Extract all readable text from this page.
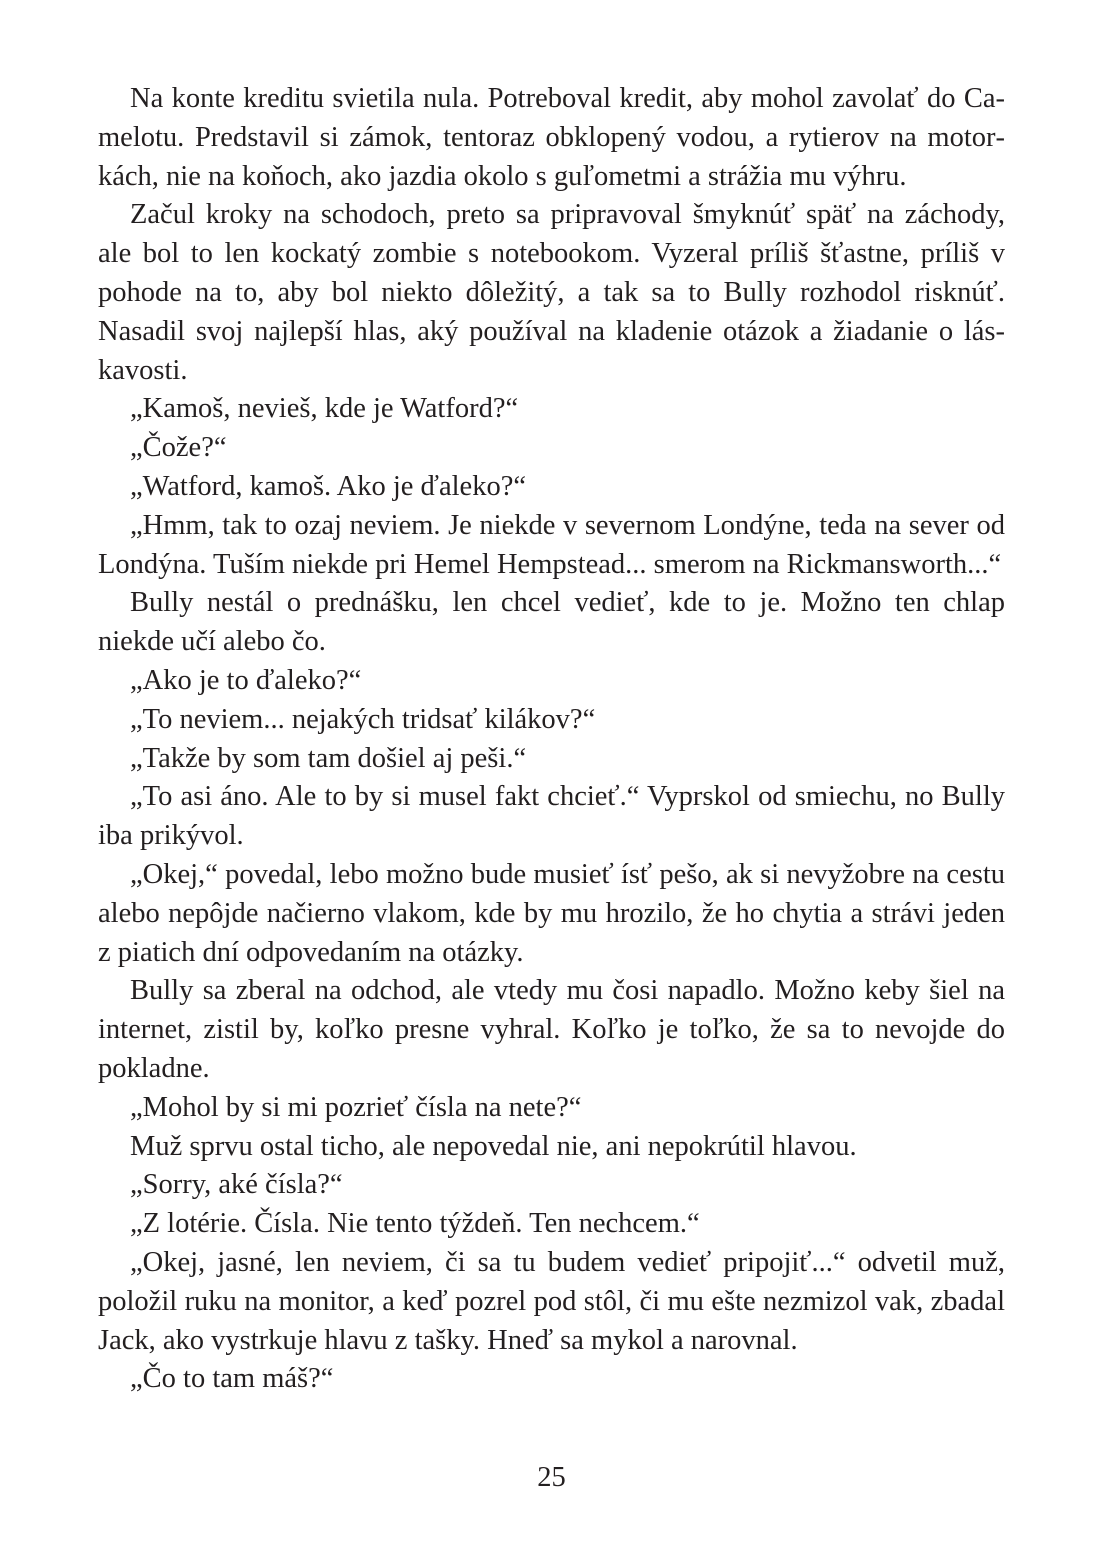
Na konte kreditu svietila nula. Potreboval kredit, aby mohol zavolať do Camelotu. Predstavil si zámok, tentoraz obklopený vodou, a rytierov na motorkách, nie na koňoch, ako jazdia okolo s guľometmi a strážia mu výhru.

Začul kroky na schodoch, preto sa pripravoval šmyknúť späť na záchody, ale bol to len kockatý zombie s notebookom. Vyzeral príliš šťastne, príliš v pohode na to, aby bol niekto dôležitý, a tak sa to Bully rozhodol risknúť. Nasadil svoj najlepší hlas, aký používal na kladenie otázok a žiadanie o láskavosti.

„Kamoš, nevieš, kde je Watford?“

„Čože?“

„Watford, kamoš. Ako je ďaleko?“

„Hmm, tak to ozaj neviem. Je niekde v severnom Londýne, teda na sever od Londýna. Tuším niekde pri Hemel Hempstead... smerom na Rickmansworth...“

Bully nestál o prednášku, len chcel vedieť, kde to je. Možno ten chlap niekde učí alebo čo.

„Ako je to ďaleko?“

„To neviem... nejakých tridsať kilákov?“

„Takže by som tam došiel aj peši.“

„To asi áno. Ale to by si musel fakt chcieť.“ Vyprskol od smiechu, no Bully iba prikývol.

„Okej,“ povedal, lebo možno bude musieť ísť pešo, ak si nevyžobre na cestu alebo nepôjde načierno vlakom, kde by mu hrozilo, že ho chytia a strávi jeden z piatich dní odpovedaním na otázky.

Bully sa zberal na odchod, ale vtedy mu čosi napadlo. Možno keby šiel na internet, zistil by, koľko presne vyhral. Koľko je toľko, že sa to nevojde do pokladne.

„Mohol by si mi pozrieť čísla na nete?“

Muž sprvu ostal ticho, ale nepovedal nie, ani nepokrútil hlavou.

„Sorry, aké čísla?“

„Z lotérie. Čísla. Nie tento týždeň. Ten nechcem.“

„Okej, jasné, len neviem, či sa tu budem vedieť pripojiť...“ odvetil muž, položil ruku na monitor, a keď pozrel pod stôl, či mu ešte nezmizol vak, zbadal Jack, ako vystrkuje hlavu z tašky. Hneď sa mykol a narovnal.

„Čo to tam máš?“

25
